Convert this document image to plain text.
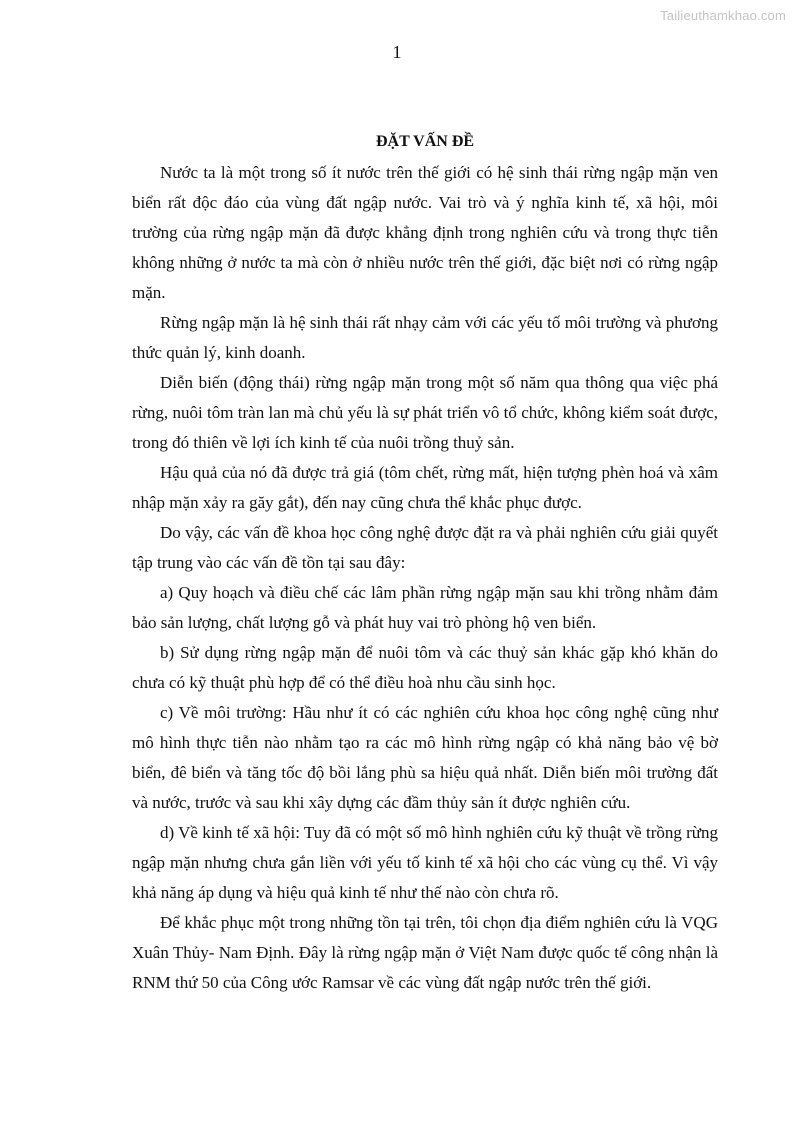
Tailieuthamkhao.com
1
ĐẶT VẤN ĐỀ

Nước ta là một trong số ít nước trên thế giới có hệ sinh thái rừng ngập mặn ven biển rất độc đáo của vùng đất ngập nước. Vai trò và ý nghĩa kinh tế, xã hội, môi trường của rừng ngập mặn đã được khẳng định trong nghiên cứu và trong thực tiễn không những ở nước ta mà còn ở nhiều nước trên thế giới, đặc biệt nơi có rừng ngập mặn.

Rừng ngập mặn là hệ sinh thái rất nhạy cảm với các yếu tố môi trường và phương thức quản lý, kinh doanh.

Diễn biến (động thái) rừng ngập mặn trong một số năm qua thông qua việc phá rừng, nuôi tôm tràn lan mà chủ yếu là sự phát triển vô tổ chức, không kiểm soát được, trong đó thiên về lợi ích kinh tế của nuôi trồng thuỷ sản.

Hậu quả của nó đã được trả giá (tôm chết, rừng mất, hiện tượng phèn hoá và xâm nhập mặn xảy ra găy gắt), đến nay cũng chưa thể khắc phục được.

Do vậy, các vấn đề khoa học công nghệ được đặt ra và phải nghiên cứu giải quyết tập trung vào các vấn đề tồn tại sau đây:

a) Quy hoạch và điều chế các lâm phần rừng ngập mặn sau khi trồng nhằm đảm bảo sản lượng, chất lượng gỗ và phát huy vai trò phòng hộ ven biển.

b) Sử dụng rừng ngập mặn để nuôi tôm và các thuỷ sản khác gặp khó khăn do chưa có kỹ thuật phù hợp để có thể điều hoà nhu cầu sinh học.

c) Về môi trường: Hầu như ít có các nghiên cứu khoa học công nghệ cũng như mô hình thực tiễn nào nhằm tạo ra các mô hình rừng ngập có khả năng bảo vệ bờ biển, đê biển và tăng tốc độ bồi lắng phù sa hiệu quả nhất. Diễn biến môi trường đất và nước, trước và sau khi xây dựng các đầm thủy sản ít được nghiên cứu.

d) Về kinh tế xã hội: Tuy đã có một số mô hình nghiên cứu kỹ thuật về trồng rừng ngập mặn nhưng chưa gắn liền với yếu tố kinh tế xã hội cho các vùng cụ thể. Vì vậy khả năng áp dụng và hiệu quả kinh tế như thế nào còn chưa rõ.

Để khắc phục một trong những tồn tại trên, tôi chọn địa điểm nghiên cứu là VQG Xuân Thủy- Nam Định. Đây là rừng ngập mặn ở Việt Nam được quốc tế công nhận là RNM thứ 50 của Công ước Ramsar về các vùng đất ngập nước trên thế giới.
